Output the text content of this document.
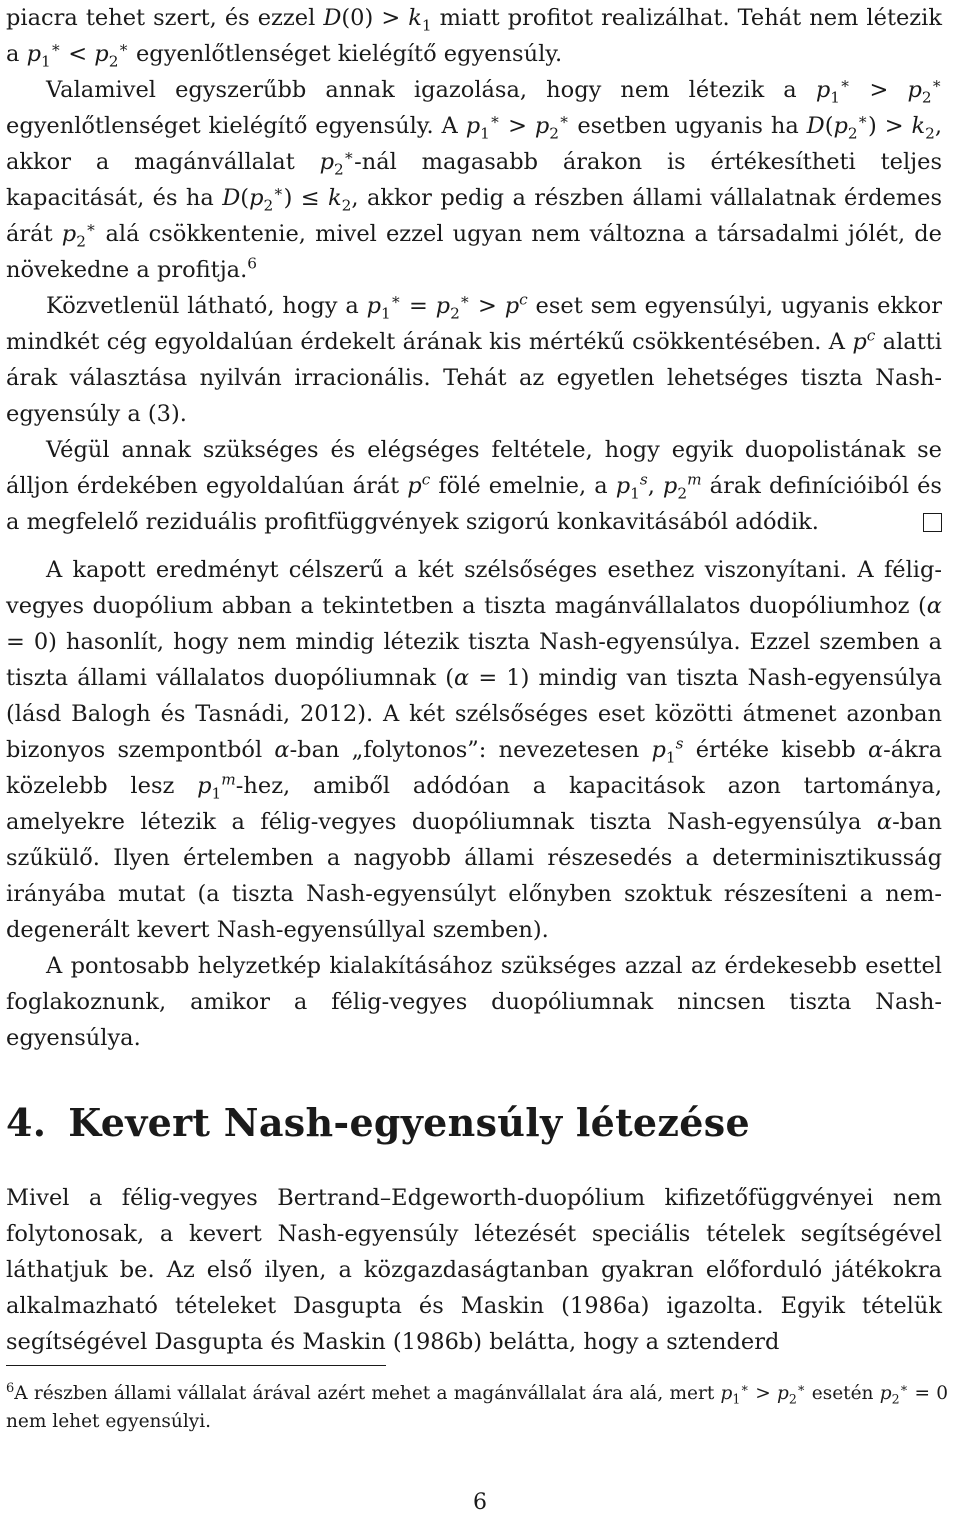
piacra tehet szert, és ezzel $D(0) > k_1$ miatt profitot realizálhat. Tehát nem létezik a $p_1^∗ < p_2^∗$ egyenlőtlenséget kielégítő egyensúly.

Valamivel egyszerűbb annak igazolása, hogy nem létezik a $p_1^∗ > p_2^∗$ egyenlőtlenséget kielégítő egyensúly. A $p_1^∗ > p_2^∗$ esetben ugyanis ha $D(p_2^∗) > k_2$, akkor a magánvállalat $p_2^∗$-nál magasabb árakon is értékesítheti teljes kapacitását, és ha $D(p_2^∗) \le k_2$, akkor pedig a részben állami vállalatnak érdemes árát $p_2^∗$ alá csökkentenie, mivel ezzel ugyan nem változna a társadalmi jólét, de növekedne a profitja.$^6$

Közvetlenül látható, hogy a $p_1^∗ = p_2^∗ > p^c$ eset sem egyensúlyi, ugyanis ekkor mindkét cég egyoldalúan érdekelt árának kis mértékű csökkentésében. A $p^c$ alatti árak választása nyilván irracionális. Tehát az egyetlen lehetséges tiszta Nash-egyensúly a (3).

Végül annak szükséges és elégséges feltétele, hogy egyik duopolistának se álljon érdekében egyoldalúan árát $p^c$ fölé emelnie, a $p_1^s$, $p_2^m$ árak definícióiból és a megfelelő reziduális profitfüggvények szigorú konkavitásából adódik.

A kapott eredményt célszerű a két szélsőséges esethez viszonyítani. A félig-vegyes duopólium abban a tekintetben a tiszta magánvállalatos duopóliumhoz (α = 0) hasonlít, hogy nem mindig létezik tiszta Nash-egyensúlya. Ezzel szemben a tiszta állami vállalatos duopóliumnak (α = 1) mindig van tiszta Nash-egyensúlya (lásd Balogh és Tasnádi, 2012). A két szélsőséges eset közötti átmenet azonban bizonyos szempontból α-ban „folytonos”: nevezetesen $p_1^s$ értéke kisebb α-ákra közelebb lesz $p_1^m$-hez, amiből adódóan a kapacitások azon tartománya, amelyekre létezik a félig-vegyes duopóliumnak tiszta Nash-egyensúlya α-ban szűkülő. Ilyen értelemben a nagyobb állami részesedés a determinisztikusság irányába mutat (a tiszta Nash-egyensúlyt előnyben szoktuk részesíteni a nem-degenerált kevert Nash-egyensúllyal szemben).

A pontosabb helyzetkép kialakításához szükséges azzal az érdekesebb esettel foglakoznunk, amikor a félig-vegyes duopóliumnak nincsen tiszta Nash-egyensúlya.

4. Kevert Nash-egyensúly létezése

Mivel a félig-vegyes Bertrand–Edgeworth-duopólium kifizetőfüggvényei nem folytonosak, a kevert Nash-egyensúly létezését speciális tételek segítségével láthatjuk be. Az első ilyen, a közgazdaságtanban gyakran előforduló játékokra alkalmazható tételeket Dasgupta és Maskin (1986a) igazolta. Egyik tételük segítségével Dasgupta és Maskin (1986b) belátta, hogy a sztenderd

$^6$A részben állami vállalat árával azért mehet a magánvállalat ára alá, mert $p_1^∗ > p_2^∗$ esetén $p_2^∗ = 0$ nem lehet egyensúlyi.

6
